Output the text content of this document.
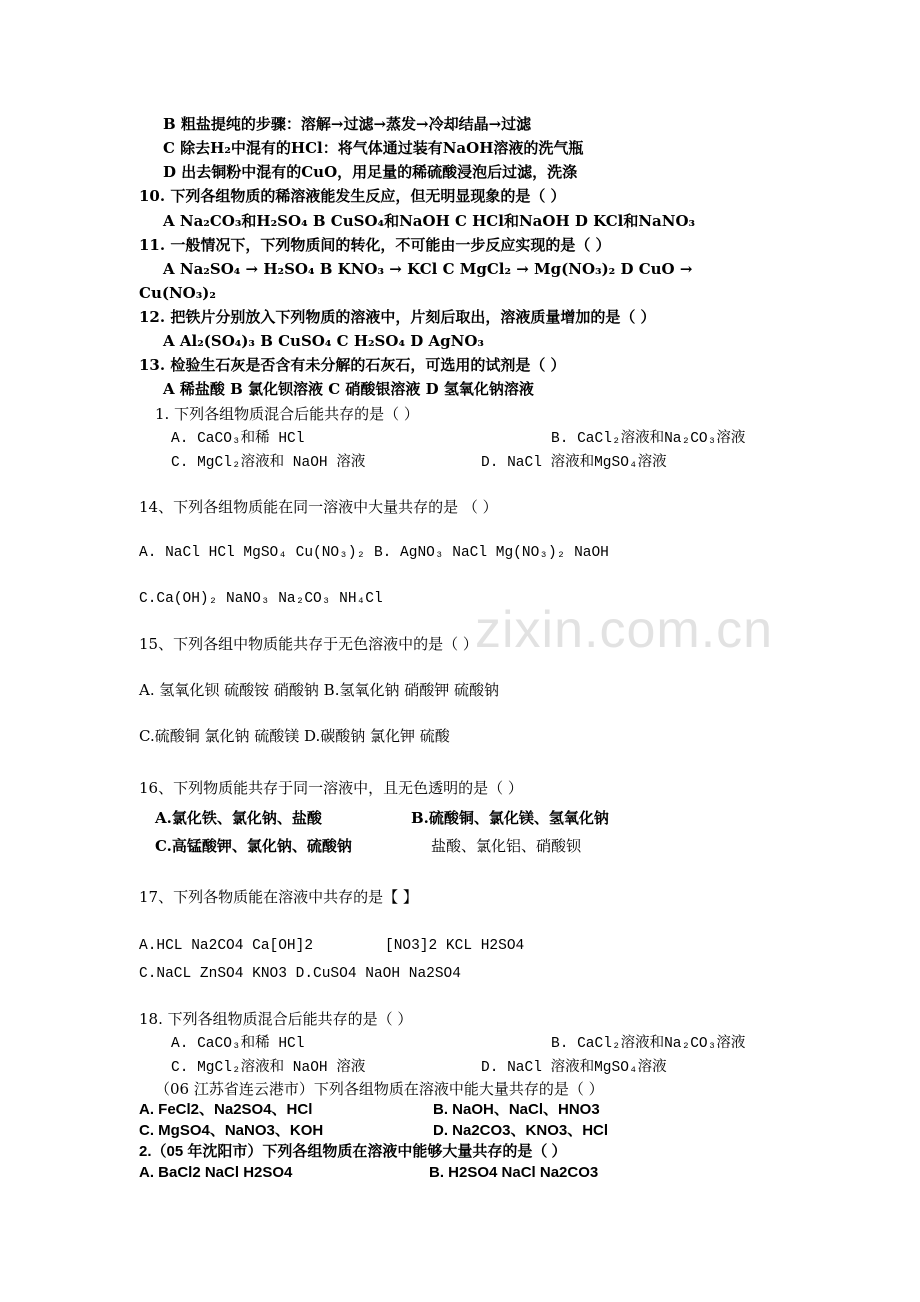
zixin.com.cn
B 粗盐提纯的步骤：溶解→过滤→蒸发→冷却结晶→过滤
C 除去H₂中混有的HCl：将气体通过装有NaOH溶液的洗气瓶
D 出去铜粉中混有的CuO，用足量的稀硫酸浸泡后过滤，洗涤
10. 下列各组物质的稀溶液能发生反应，但无明显现象的是（ ）
A Na₂CO₃和H₂SO₄ B CuSO₄和NaOH C HCl和NaOH D KCl和NaNO₃
11. 一般情况下，下列物质间的转化，不可能由一步反应实现的是（ ）
A Na₂SO₄ → H₂SO₄ B KNO₃ → KCl C MgCl₂ → Mg(NO₃)₂ D CuO →
Cu(NO₃)₂
12. 把铁片分别放入下列物质的溶液中，片刻后取出，溶液质量增加的是（ ）
A Al₂(SO₄)₃ B CuSO₄ C H₂SO₄ D AgNO₃
13. 检验生石灰是否含有未分解的石灰石，可选用的试剂是（ ）
A 稀盐酸 B 氯化钡溶液 C 硝酸银溶液 D 氢氧化钠溶液
1. 下列各组物质混合后能共存的是（ ）
A. CaCO₃和稀 HCl	B. CaCl₂溶液和Na₂CO₃溶液
C. MgCl₂溶液和 NaOH 溶液	D. NaCl 溶液和MgSO₄溶液
14、下列各组物质能在同一溶液中大量共存的是 （ ）
A. NaCl HCl MgSO₄ Cu(NO₃)₂ B. AgNO₃ NaCl Mg(NO₃)₂ NaOH
C.Ca(OH)₂ NaNO₃ Na₂CO₃ NH₄Cl
15、下列各组中物质能共存于无色溶液中的是（ ）
A. 氢氧化钡 硫酸铵 硝酸钠 B.氢氧化钠 硝酸钾 硫酸钠
C.硫酸铜 氯化钠 硫酸镁 D.碳酸钠 氯化钾 硫酸
16、下列物质能共存于同一溶液中，且无色透明的是（ ）
A.氯化铁、氯化钠、盐酸	B.硫酸铜、氯化镁、氢氧化钠
C.高锰酸钾、氯化钠、硫酸钠	盐酸、氯化铝、硝酸钡
17、下列各物质能在溶液中共存的是【 】
A.HCL Na2CO4 Ca[OH]2	[NO3]2 KCL H2SO4
C.NaCL ZnSO4 KNO3 D.CuSO4 NaOH Na2SO4
18. 下列各组物质混合后能共存的是（ ）
A. CaCO₃和稀 HCl	B. CaCl₂溶液和Na₂CO₃溶液
C. MgCl₂溶液和 NaOH 溶液	D. NaCl 溶液和MgSO₄溶液
（06 江苏省连云港市）下列各组物质在溶液中能大量共存的是（ ）
A. FeCl2、Na2SO4、HCl	B. NaOH、NaCl、HNO3
C. MgSO4、NaNO3、KOH	D. Na2CO3、KNO3、HCl
2.（05 年沈阳市）下列各组物质在溶液中能够大量共存的是（ ）
A. BaCl2 NaCl H2SO4	B. H2SO4 NaCl Na2CO3
